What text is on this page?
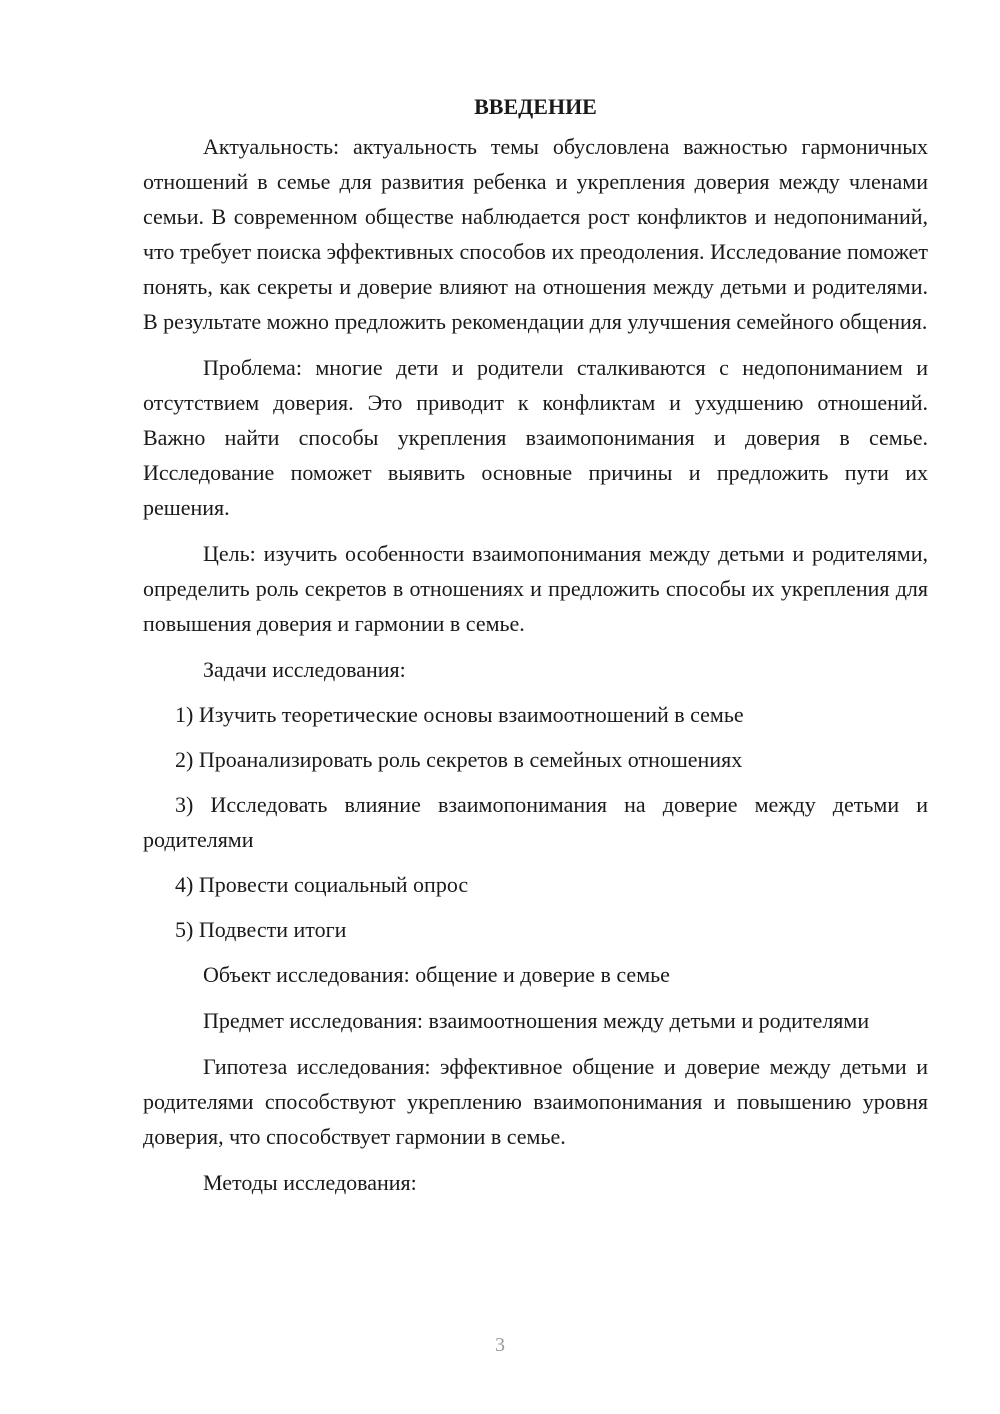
ВВЕДЕНИЕ

Актуальность: актуальность темы обусловлена важностью гармоничных отношений в семье для развития ребенка и укрепления доверия между членами семьи. В современном обществе наблюдается рост конфликтов и недопониманий, что требует поиска эффективных способов их преодоления. Исследование поможет понять, как секреты и доверие влияют на отношения между детьми и родителями. В результате можно предложить рекомендации для улучшения семейного общения.

Проблема: многие дети и родители сталкиваются с недопониманием и отсутствием доверия. Это приводит к конфликтам и ухудшению отношений. Важно найти способы укрепления взаимопонимания и доверия в семье. Исследование поможет выявить основные причины и предложить пути их решения.

Цель: изучить особенности взаимопонимания между детьми и родителями, определить роль секретов в отношениях и предложить способы их укрепления для повышения доверия и гармонии в семье.

Задачи исследования:

1) Изучить теоретические основы взаимоотношений в семье

2) Проанализировать роль секретов в семейных отношениях

3) Исследовать влияние взаимопонимания на доверие между детьми и родителями

4) Провести социальный опрос

5) Подвести итоги

Объект исследования: общение и доверие в семье

Предмет исследования: взаимоотношения между детьми и родителями

Гипотеза исследования: эффективное общение и доверие между детьми и родителями способствуют укреплению взаимопонимания и повышению уровня доверия, что способствует гармонии в семье.

Методы исследования:

3
